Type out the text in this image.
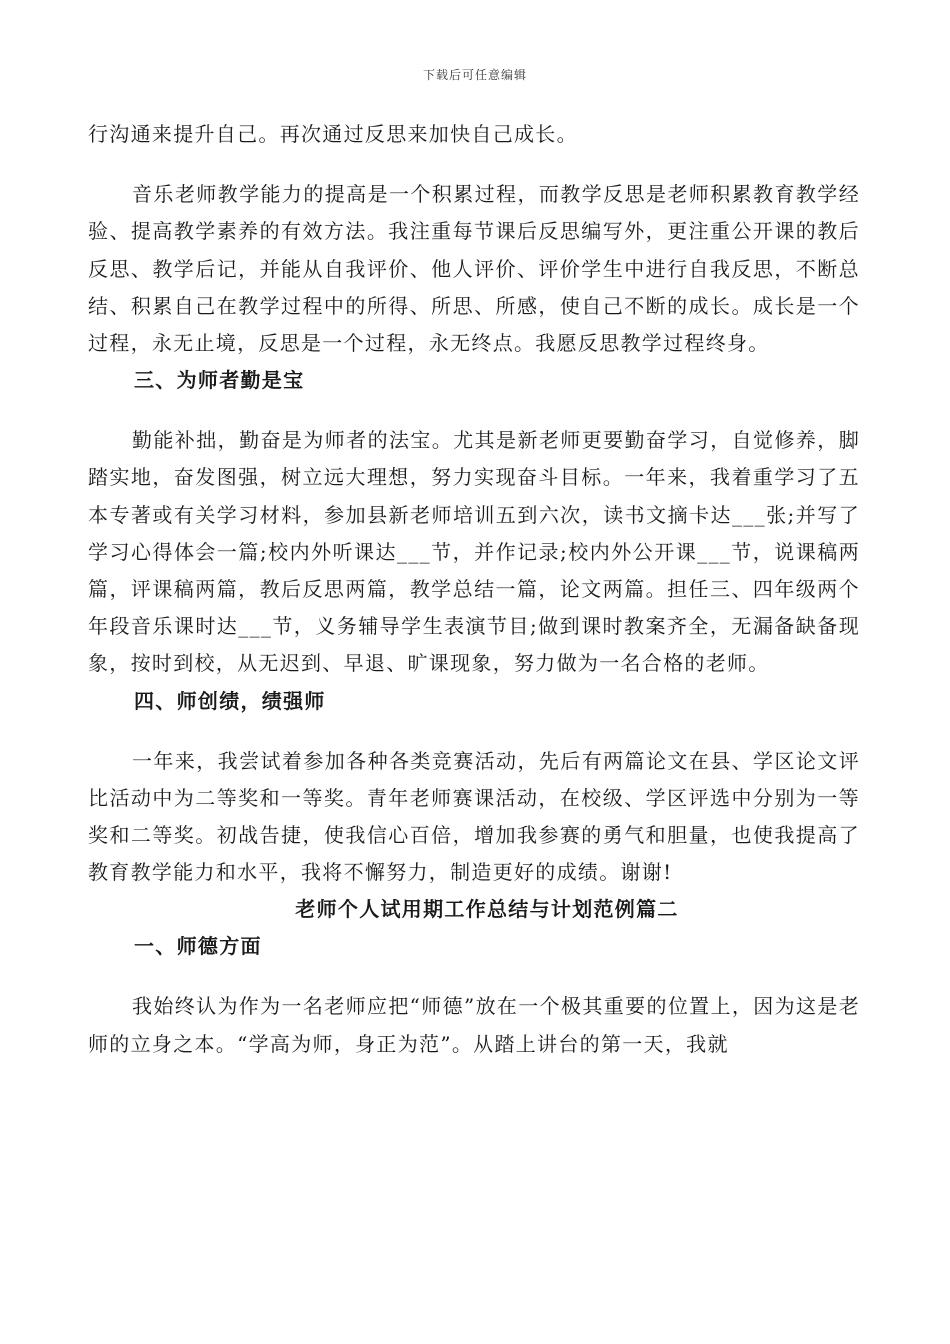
下载后可任意编辑

行沟通来提升自己。再次通过反思来加快自己成长。

音乐老师教学能力的提高是一个积累过程，而教学反思是老师积累教育教学经验、提高教学素养的有效方法。我注重每节课后反思编写外，更注重公开课的教后反思、教学后记，并能从自我评价、他人评价、评价学生中进行自我反思，不断总结、积累自己在教学过程中的所得、所思、所感，使自己不断的成长。成长是一个过程，永无止境，反思是一个过程，永无终点。我愿反思教学过程终身。

三、为师者勤是宝

勤能补拙，勤奋是为师者的法宝。尤其是新老师更要勤奋学习，自觉修养，脚踏实地，奋发图强，树立远大理想，努力实现奋斗目标。一年来，我着重学习了五本专著或有关学习材料，参加县新老师培训五到六次，读书文摘卡达___张;并写了学习心得体会一篇;校内外听课达___节，并作记录;校内外公开课___节，说课稿两篇，评课稿两篇，教后反思两篇，教学总结一篇，论文两篇。担任三、四年级两个年段音乐课时达___节，义务辅导学生表演节目;做到课时教案齐全，无漏备缺备现象，按时到校，从无迟到、早退、旷课现象，努力做为一名合格的老师。

四、师创绩，绩强师

一年来，我尝试着参加各种各类竞赛活动，先后有两篇论文在县、学区论文评比活动中为二等奖和一等奖。青年老师赛课活动，在校级、学区评选中分别为一等奖和二等奖。初战告捷，使我信心百倍，增加我参赛的勇气和胆量，也使我提高了教育教学能力和水平，我将不懈努力，制造更好的成绩。谢谢!

老师个人试用期工作总结与计划范例篇二

一、师德方面

我始终认为作为一名老师应把“师德”放在一个极其重要的位置上，因为这是老师的立身之本。“学高为师，身正为范”。从踏上讲台的第一天，我就
